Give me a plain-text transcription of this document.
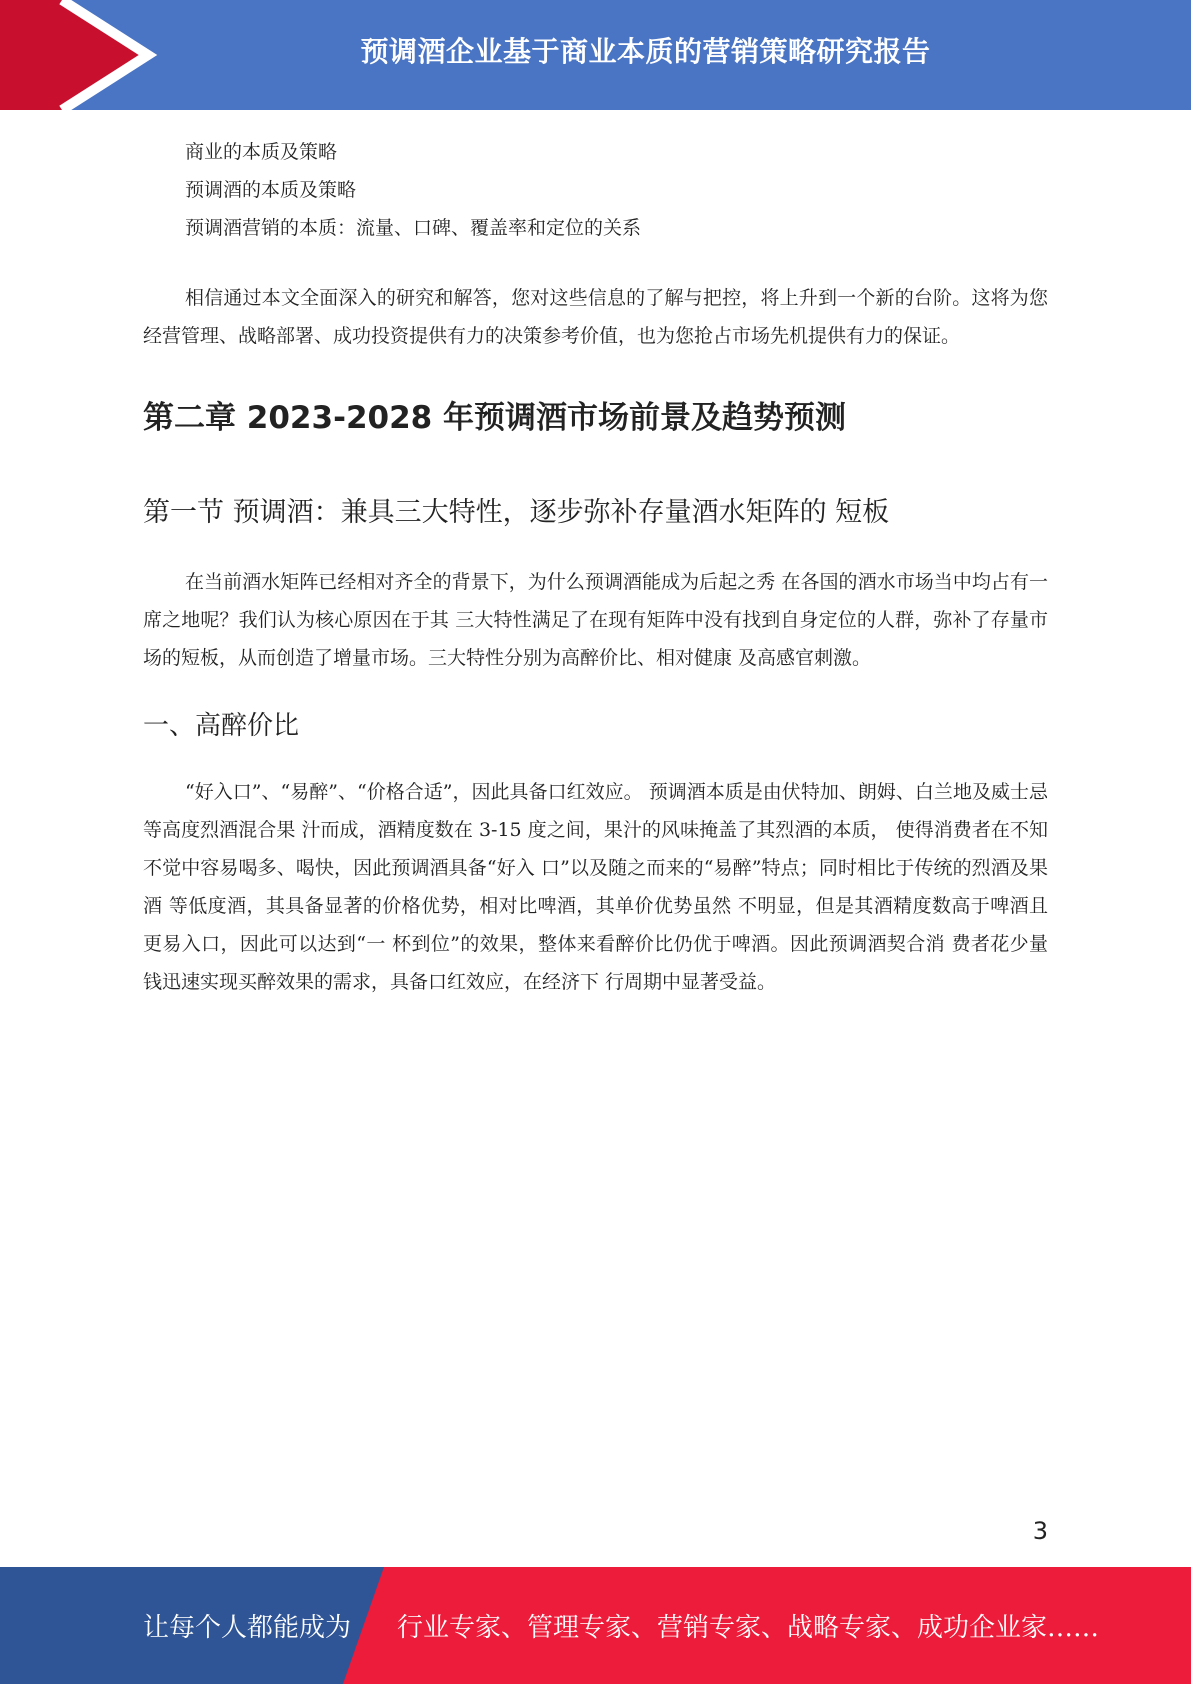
预调酒企业基于商业本质的营销策略研究报告
商业的本质及策略
预调酒的本质及策略
预调酒营销的本质：流量、口碑、覆盖率和定位的关系

相信通过本文全面深入的研究和解答，您对这些信息的了解与把控，将上升到一个新的台阶。这将为您经营管理、战略部署、成功投资提供有力的决策参考价值，也为您抢占市场先机提供有力的保证。

第二章 2023-2028 年预调酒市场前景及趋势预测
第一节 预调酒：兼具三大特性，逐步弥补存量酒水矩阵的 短板

在当前酒水矩阵已经相对齐全的背景下，为什么预调酒能成为后起之秀 在各国的酒水市场当中均占有一席之地呢？我们认为核心原因在于其 三大特性满足了在现有矩阵中没有找到自身定位的人群，弥补了存量市 场的短板，从而创造了增量市场。三大特性分别为高醉价比、相对健康 及高感官刺激。

一、高醉价比

“好入口”、“易醉”、“价格合适”，因此具备口红效应。 预调酒本质是由伏特加、朗姆、白兰地及威士忌等高度烈酒混合果 汁而成，酒精度数在 3-15 度之间，果汁的风味掩盖了其烈酒的本质， 使得消费者在不知不觉中容易喝多、喝快，因此预调酒具备“好入 口”以及随之而来的“易醉”特点；同时相比于传统的烈酒及果酒 等低度酒，其具备显著的价格优势，相对比啤酒，其单价优势虽然 不明显，但是其酒精度数高于啤酒且更易入口，因此可以达到“一 杯到位”的效果，整体来看醉价比仍优于啤酒。因此预调酒契合消 费者花少量钱迅速实现买醉效果的需求，具备口红效应，在经济下 行周期中显著受益。

3
让每个人都能成为 行业专家、管理专家、营销专家、战略专家、成功企业家……
